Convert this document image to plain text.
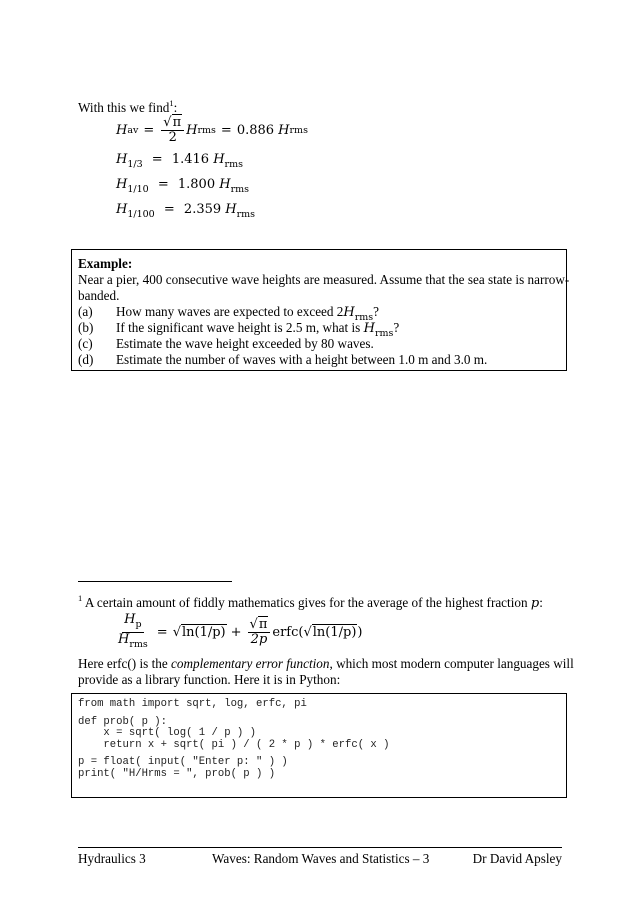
With this we find$^1$:
H av = $\frac{√\pi}{2}$ H rms = 0.886
H rms
$H_{1/3} = 1.416$ $H_{rms}$
$H_{1/10} = 1.800$ $H_{rms}$
$H_{1/100} = 2.359$ $H_{rms}$
Example:
Near a pier, 400 consecutive wave heights are measured. Assume that the sea state is narrow-
banded.
(a) How many waves are expected to exceed $2H_{rms}$?
(b) If the significant wave height is 2.5 m, what is $H_{rms}$?
(c) Estimate the wave height exceeded by 80 waves.
(d) Estimate the number of waves with a height between 1.0 m and 3.0 m.
$^1$ A certain amount of fiddly mathematics gives for the average of the highest fraction p:
$\frac{H_p}{H_{rms}} = √\ln(1/p) + \frac{√\pi}{2p}$ erfc( √ln(1/p) )
Here erfc() is the complementary error function, which most modern computer languages will
provide as a library function. Here it is in Python:
from math import sqrt, log, erfc, pi
def prob( p ):
x = sqrt( log( 1 / p ) )
return x + sqrt( pi ) / ( 2 * p ) * erfc( x )
p = float( input( "Enter p: " ) )
print( "H/Hrms = ", prob( p ) )
Hydraulics 3	Waves: Random Waves and Statistics – 3	Dr David Apsley
